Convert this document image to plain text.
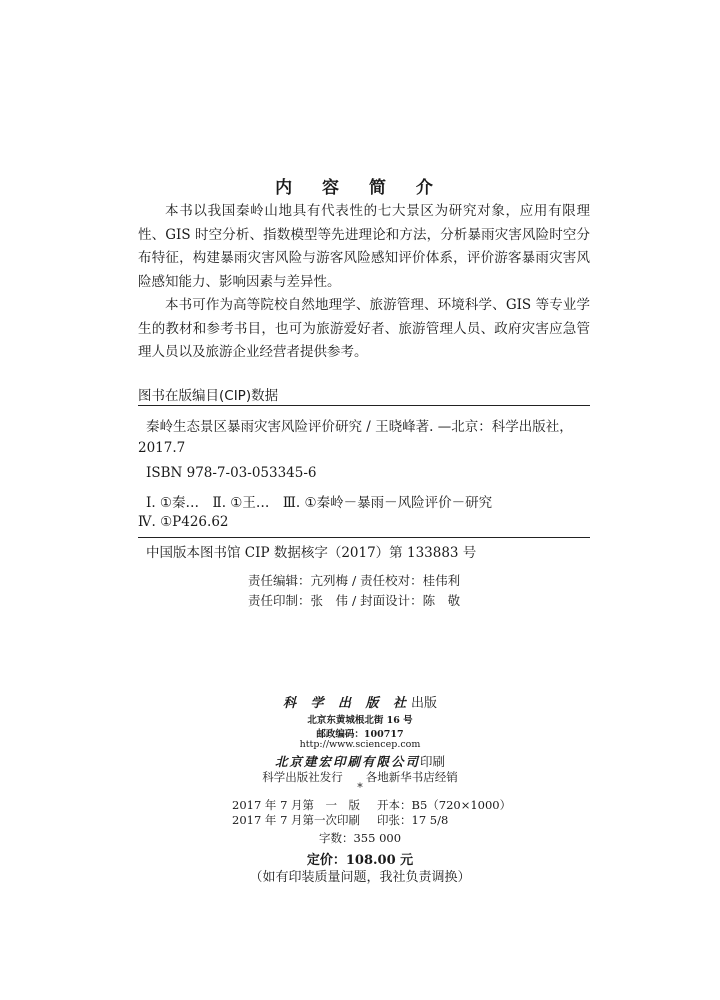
内 容 简 介

本书以我国秦岭山地具有代表性的七大景区为研究对象，应用有限理性、GIS 时空分析、指数模型等先进理论和方法，分析暴雨灾害风险时空分布特征，构建暴雨灾害风险与游客风险感知评价体系，评价游客暴雨灾害风险感知能力、影响因素与差异性。

本书可作为高等院校自然地理学、旅游管理、环境科学、GIS 等专业学生的教材和参考书目，也可为旅游爱好者、旅游管理人员、政府灾害应急管理人员以及旅游企业经营者提供参考。

图书在版编目(CIP)数据
秦岭生态景区暴雨灾害风险评价研究 / 王晓峰著. —北京：科学出版社，
2017.7
ISBN 978-7-03-053345-6
Ⅰ. ①秦…　Ⅱ. ①王…　Ⅲ. ①秦岭－暴雨－风险评价－研究
Ⅳ. ①P426.62
中国版本图书馆 CIP 数据核字（2017）第 133883 号
责任编辑：亢列梅 / 责任校对：桂伟利
责任印制：张　伟 / 封面设计：陈　敬
科 学 出 版 社出版
北京东黄城根北街 16 号
邮政编码：100717
http://www.sciencep.com
北京建宏印刷有限公司印刷
科学出版社发行　　各地新华书店经销
*
2017 年 7 月第　一　版 开本：B5（720×1000）
2017 年 7 月第一次印刷 印张：17 5/8
字数：355 000
定价：108.00 元
（如有印装质量问题，我社负责调换）
